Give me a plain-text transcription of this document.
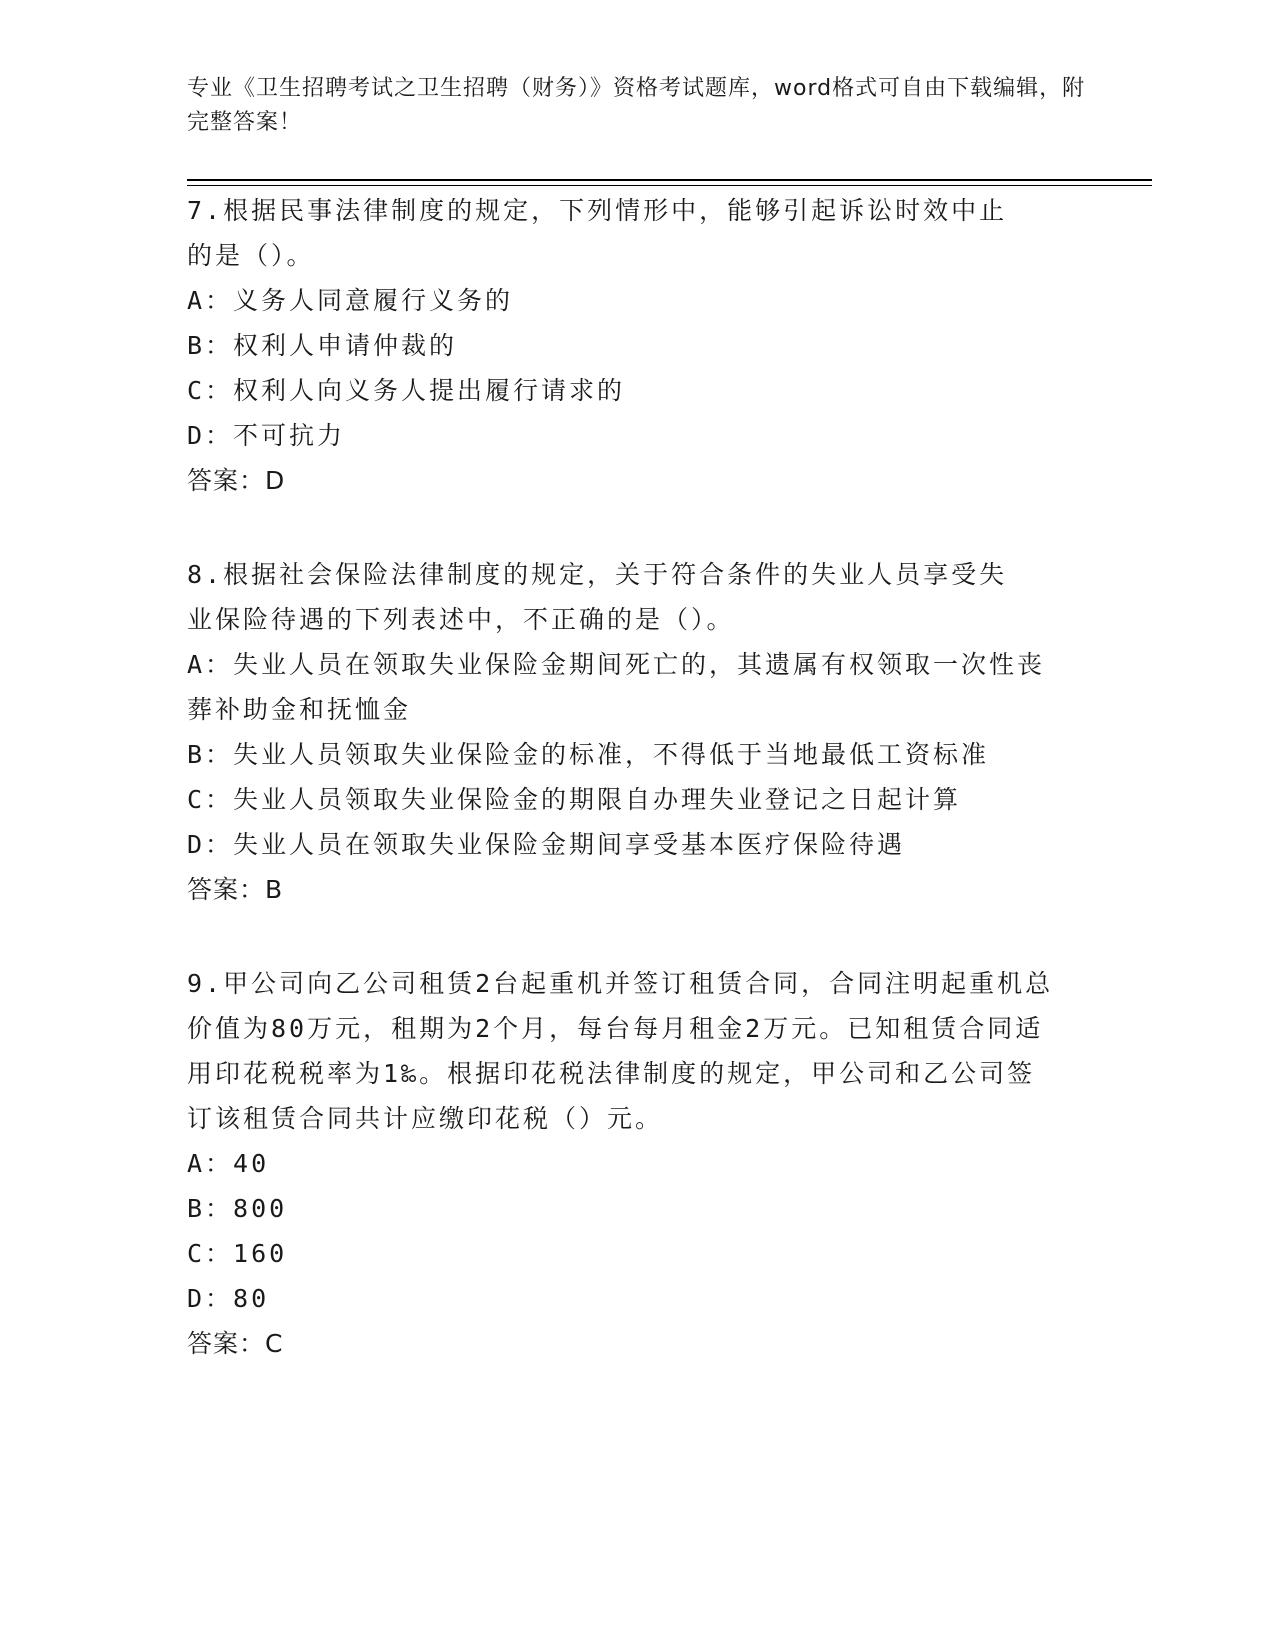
专业《卫生招聘考试之卫生招聘（财务）》资格考试题库，word格式可自由下载编辑，附完整答案！
7.根据民事法律制度的规定，下列情形中，能够引起诉讼时效中止的是（）。
A：义务人同意履行义务的
B：权利人申请仲裁的
C：权利人向义务人提出履行请求的
D：不可抗力
答案：D
8.根据社会保险法律制度的规定，关于符合条件的失业人员享受失业保险待遇的下列表述中，不正确的是（）。
A：失业人员在领取失业保险金期间死亡的，其遗属有权领取一次性丧葬补助金和抚恤金
B：失业人员领取失业保险金的标准，不得低于当地最低工资标准
C：失业人员领取失业保险金的期限自办理失业登记之日起计算
D：失业人员在领取失业保险金期间享受基本医疗保险待遇
答案：B
9.甲公司向乙公司租赁2台起重机并签订租赁合同，合同注明起重机总价值为80万元，租期为2个月，每台每月租金2万元。已知租赁合同适用印花税税率为1‰。根据印花税法律制度的规定，甲公司和乙公司签订该租赁合同共计应缴印花税（）元。
A：40
B：800
C：160
D：80
答案：C
